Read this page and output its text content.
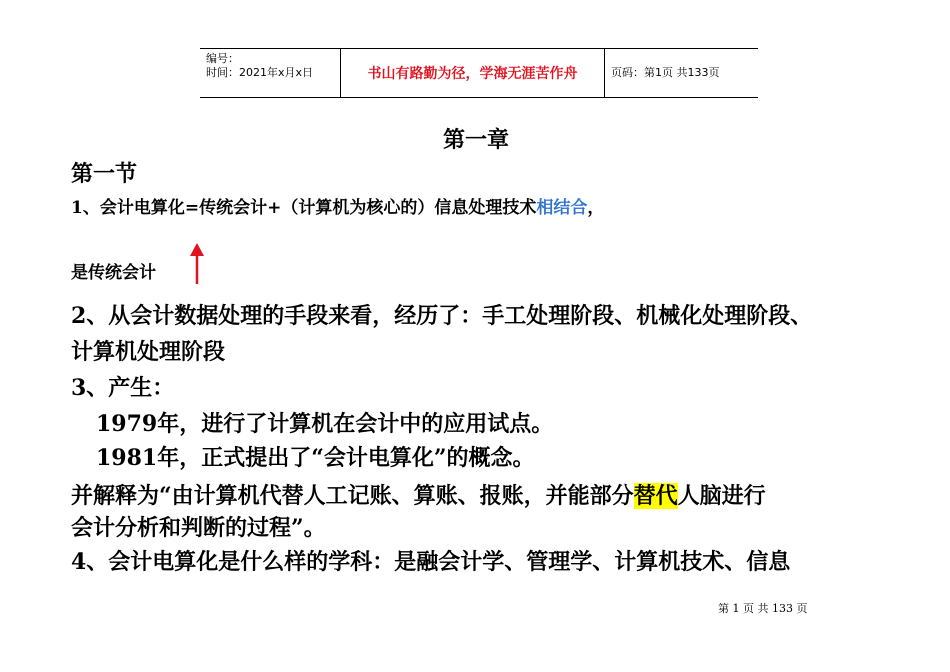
编号：
时间：2021年x月x日	书山有路勤为径，学海无涯苦作舟	页码：第1页 共133页
第一章
第一节
1、会计电算化=传统会计+（计算机为核心的）信息处理技术相结合，
是传统会计
2、从会计数据处理的手段来看，经历了：手工处理阶段、机械化处理阶段、
计算机处理阶段
3、产生：
1979年，进行了计算机在会计中的应用试点。
1981年，正式提出了“会计电算化”的概念。
并解释为“由计算机代替人工记账、算账、报账，并能部分替代人脑进行
会计分析和判断的过程”。
4、会计电算化是什么样的学科：是融会计学、管理学、计算机技术、信息
第 1 页 共 133 页
